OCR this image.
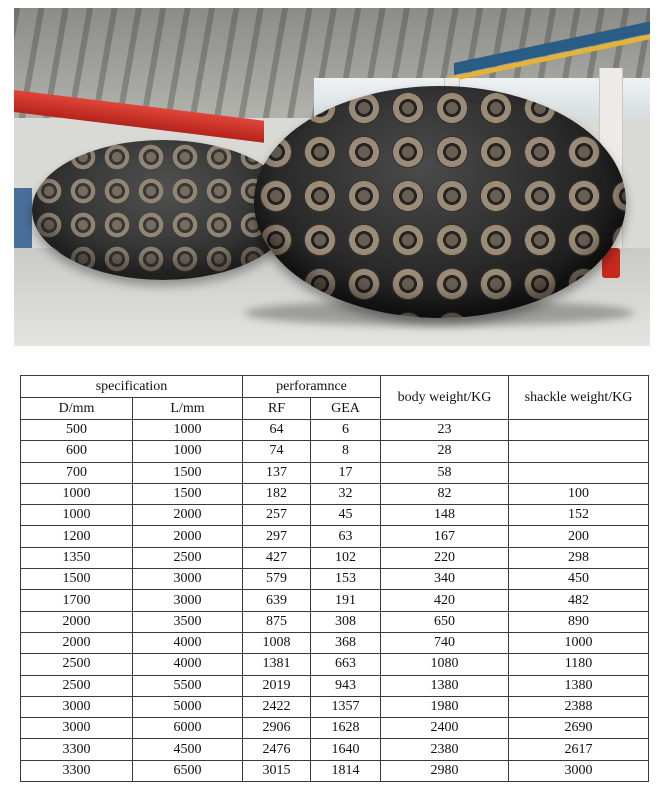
specification		perforamnce		body weight/KG	shackle weight/KG
D/mm	L/mm	RF	GEA		
500	1000	64	6	23	
600	1000	74	8	28	
700	1500	137	17	58	
1000	1500	182	32	82	100
1000	2000	257	45	148	152
1200	2000	297	63	167	200
1350	2500	427	102	220	298
1500	3000	579	153	340	450
1700	3000	639	191	420	482
2000	3500	875	308	650	890
2000	4000	1008	368	740	1000
2500	4000	1381	663	1080	1180
2500	5500	2019	943	1380	1380
3000	5000	2422	1357	1980	2388
3000	6000	2906	1628	2400	2690
3300	4500	2476	1640	2380	2617
3300	6500	3015	1814	2980	3000
